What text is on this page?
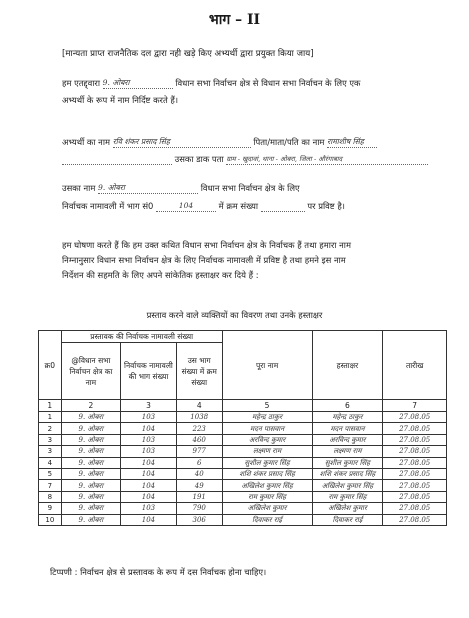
भाग – II
[मान्यता प्राप्त राजनैतिक दल द्वारा नही खड़े किए अभ्यर्थी द्वारा प्रयुक्त किया जाय]
हम एतद्द्वारा 9. ओबरा	विधान सभा निर्वाचन क्षेत्र से विधान सभा निर्वाचन के लिए एक
अभ्यर्थी के रूप में नाम निर्दिष्ट करते हैं।
अभ्यर्थी का नाम रवि शंकर प्रसाद सिंह	पिता/माता/पति का नाम रामाशीष सिंह
उसका डाक पता ग्राम - खुदावां, थाना - ओबरा, जिला - औरंगाबाद
उसका नाम 9. ओबरा	विधान सभा निर्वाचन क्षेत्र के लिए
निर्वाचक नामावली में भाग सं0	104	में क्रम संख्या	पर प्रविष्ट है।
हम घोषणा करते हैं कि हम उक्त कथित विधान सभा निर्वाचन क्षेत्र के निर्वाचक हैं तथा हमारा नाम
निम्नानुसार विधान सभा निर्वाचन क्षेत्र के लिए निर्वाचक नामावली में प्रविष्ट है तथा हमने इस नाम
निर्देशन की सहमति के लिए अपने सांकेतिक हस्ताक्षर कर दिये हैं :
प्रस्ताव करने वाले व्यक्तियों का विवरण तथा उनके हस्ताक्षर
क्र0	प्रस्तावक की निर्वाचक नामावली संख्या			पूरा नाम	हस्ताक्षर	तारीख
	@विधान सभा निर्वाचन क्षेत्र का नाम	निर्वाचक नामावली की भाग संख्या	उस भाग संख्या में क्रम संख्या			
1	2	3	4	5	6	7
1	9. ओबरा	103	1038	महेन्द्र ठाकुर	महेन्द्र ठाकुर	27.08.05
2	9. ओबरा	104	223	मदन पासवान	मदन पासवान	27.08.05
3	9. ओबरा	103	460	अरविन्द कुमार	अरविन्द कुमार	27.08.05
3	9. ओबरा	103	977	लक्ष्मण राम	लक्ष्मण राम	27.08.05
4	9. ओबरा	104	6	सुशील कुमार सिंह	सुशील कुमार सिंह	27.08.05
5	9. ओबरा	104	40	शशि शंकर प्रसाद सिंह	शशि शंकर प्रसाद सिंह	27.08.05
7	9. ओबरा	104	49	अखिलेश कुमार सिंह	अखिलेश कुमार सिंह	27.08.05
8	9. ओबरा	104	191	राम कुमार सिंह	राम कुमार सिंह	27.08.05
9	9. ओबरा	103	790	अखिलेश कुमार	अखिलेश कुमार	27.08.05
10	9. ओबरा	104	306	दिवाकर राई	दिवाकर राई	27.08.05
टिप्पणी : निर्वाचन क्षेत्र से प्रस्तावक के रूप में दस निर्वाचक होना चाहिए।
